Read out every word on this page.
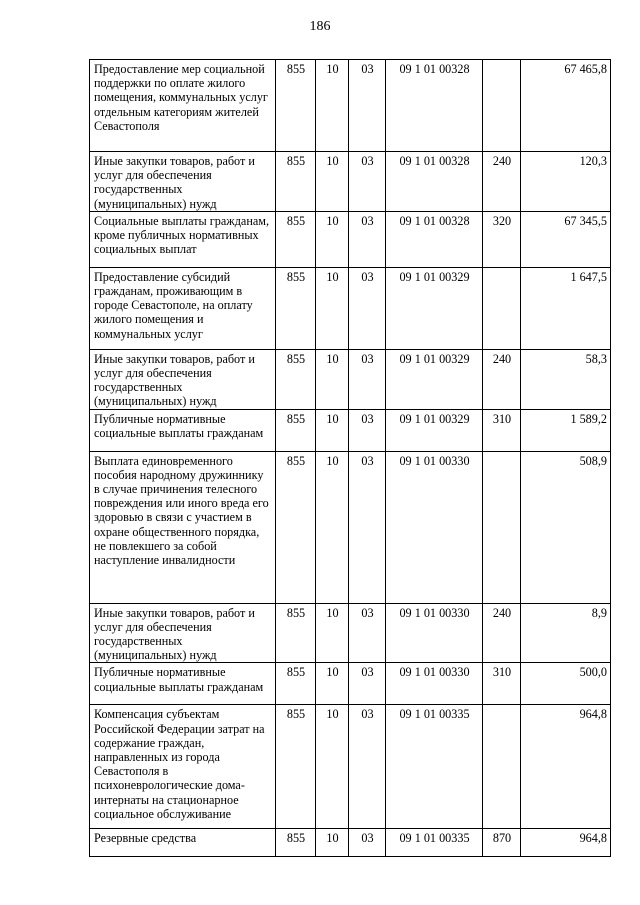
186
Предоставление мер социальной поддержки по оплате жилого помещения, коммунальных услуг отдельным категориям жителей Севастополя	855	10	03	09 1 01 00328		67 465,8
Иные закупки товаров, работ и услуг для обеспечения государственных (муниципальных) нужд	855	10	03	09 1 01 00328	240	120,3
Социальные выплаты гражданам, кроме публичных нормативных социальных выплат	855	10	03	09 1 01 00328	320	67 345,5
Предоставление субсидий гражданам, проживающим в городе Севастополе, на оплату жилого помещения и коммунальных услуг	855	10	03	09 1 01 00329		1 647,5
Иные закупки товаров, работ и услуг для обеспечения государственных (муниципальных) нужд	855	10	03	09 1 01 00329	240	58,3
Публичные нормативные социальные выплаты гражданам	855	10	03	09 1 01 00329	310	1 589,2
Выплата единовременного пособия народному дружиннику в случае причинения телесного повреждения или иного вреда его здоровью в связи с участием в охране общественного порядка, не повлекшего за собой наступление инвалидности	855	10	03	09 1 01 00330		508,9
Иные закупки товаров, работ и услуг для обеспечения государственных (муниципальных) нужд	855	10	03	09 1 01 00330	240	8,9
Публичные нормативные социальные выплаты гражданам	855	10	03	09 1 01 00330	310	500,0
Компенсация субъектам Российской Федерации затрат на содержание граждан, направленных из города Севастополя в психоневрологические дома-интернаты на стационарное социальное обслуживание	855	10	03	09 1 01 00335		964,8
Резервные средства	855	10	03	09 1 01 00335	870	964,8
